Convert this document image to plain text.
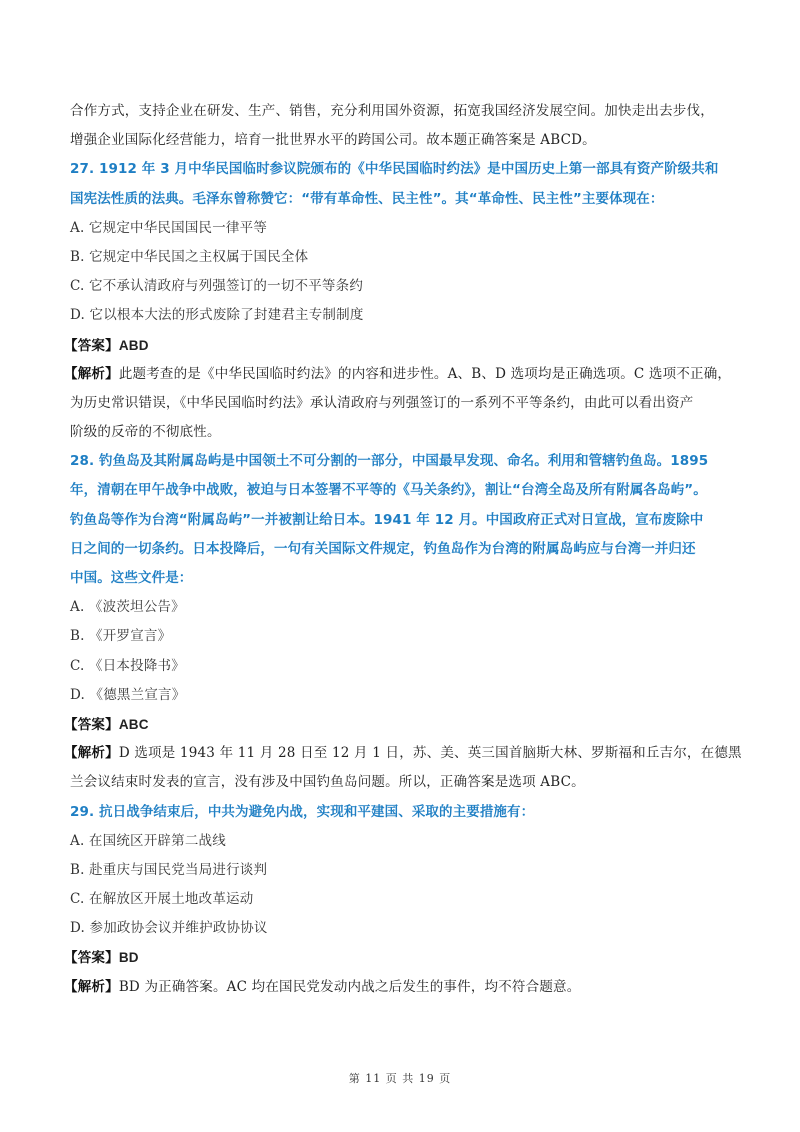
合作方式，支持企业在研发、生产、销售，充分利用国外资源，拓宽我国经济发展空间。加快走出去步伐，
增强企业国际化经营能力，培育一批世界水平的跨国公司。故本题正确答案是 ABCD。
27. 1912 年 3 月中华民国临时参议院颁布的《中华民国临时约法》是中国历史上第一部具有资产阶级共和
国宪法性质的法典。毛泽东曾称赞它：“带有革命性、民主性”。其“革命性、民主性”主要体现在：
A. 它规定中华民国国民一律平等
B. 它规定中华民国之主权属于国民全体
C. 它不承认清政府与列强签订的一切不平等条约
D. 它以根本大法的形式废除了封建君主专制制度
【答案】ABD
【解析】此题考查的是《中华民国临时约法》的内容和进步性。A、B、D 选项均是正确选项。C 选项不正确，
为历史常识错误，《中华民国临时约法》承认清政府与列强签订的一系列不平等条约，由此可以看出资产
阶级的反帝的不彻底性。
28. 钓鱼岛及其附属岛屿是中国领土不可分割的一部分，中国最早发现、命名。利用和管辖钓鱼岛。1895
年，清朝在甲午战争中战败，被迫与日本签署不平等的《马关条约》，割让“台湾全岛及所有附属各岛屿”。
钓鱼岛等作为台湾“附属岛屿”一并被割让给日本。1941 年 12 月。中国政府正式对日宣战，宣布废除中
日之间的一切条约。日本投降后，一句有关国际文件规定，钓鱼岛作为台湾的附属岛屿应与台湾一并归还
中国。这些文件是：
A. 《波茨坦公告》
B. 《开罗宣言》
C. 《日本投降书》
D. 《德黑兰宣言》
【答案】ABC
【解析】D 选项是 1943 年 11 月 28 日至 12 月 1 日，苏、美、英三国首脑斯大林、罗斯福和丘吉尔，在德黑
兰会议结束时发表的宣言，没有涉及中国钓鱼岛问题。所以，正确答案是选项 ABC。
29. 抗日战争结束后，中共为避免内战，实现和平建国、采取的主要措施有：
A. 在国统区开辟第二战线
B. 赴重庆与国民党当局进行谈判
C. 在解放区开展土地改革运动
D. 参加政协会议并维护政协协议
【答案】BD
【解析】BD 为正确答案。AC 均在国民党发动内战之后发生的事件，均不符合题意。
第 11 页 共 19 页
